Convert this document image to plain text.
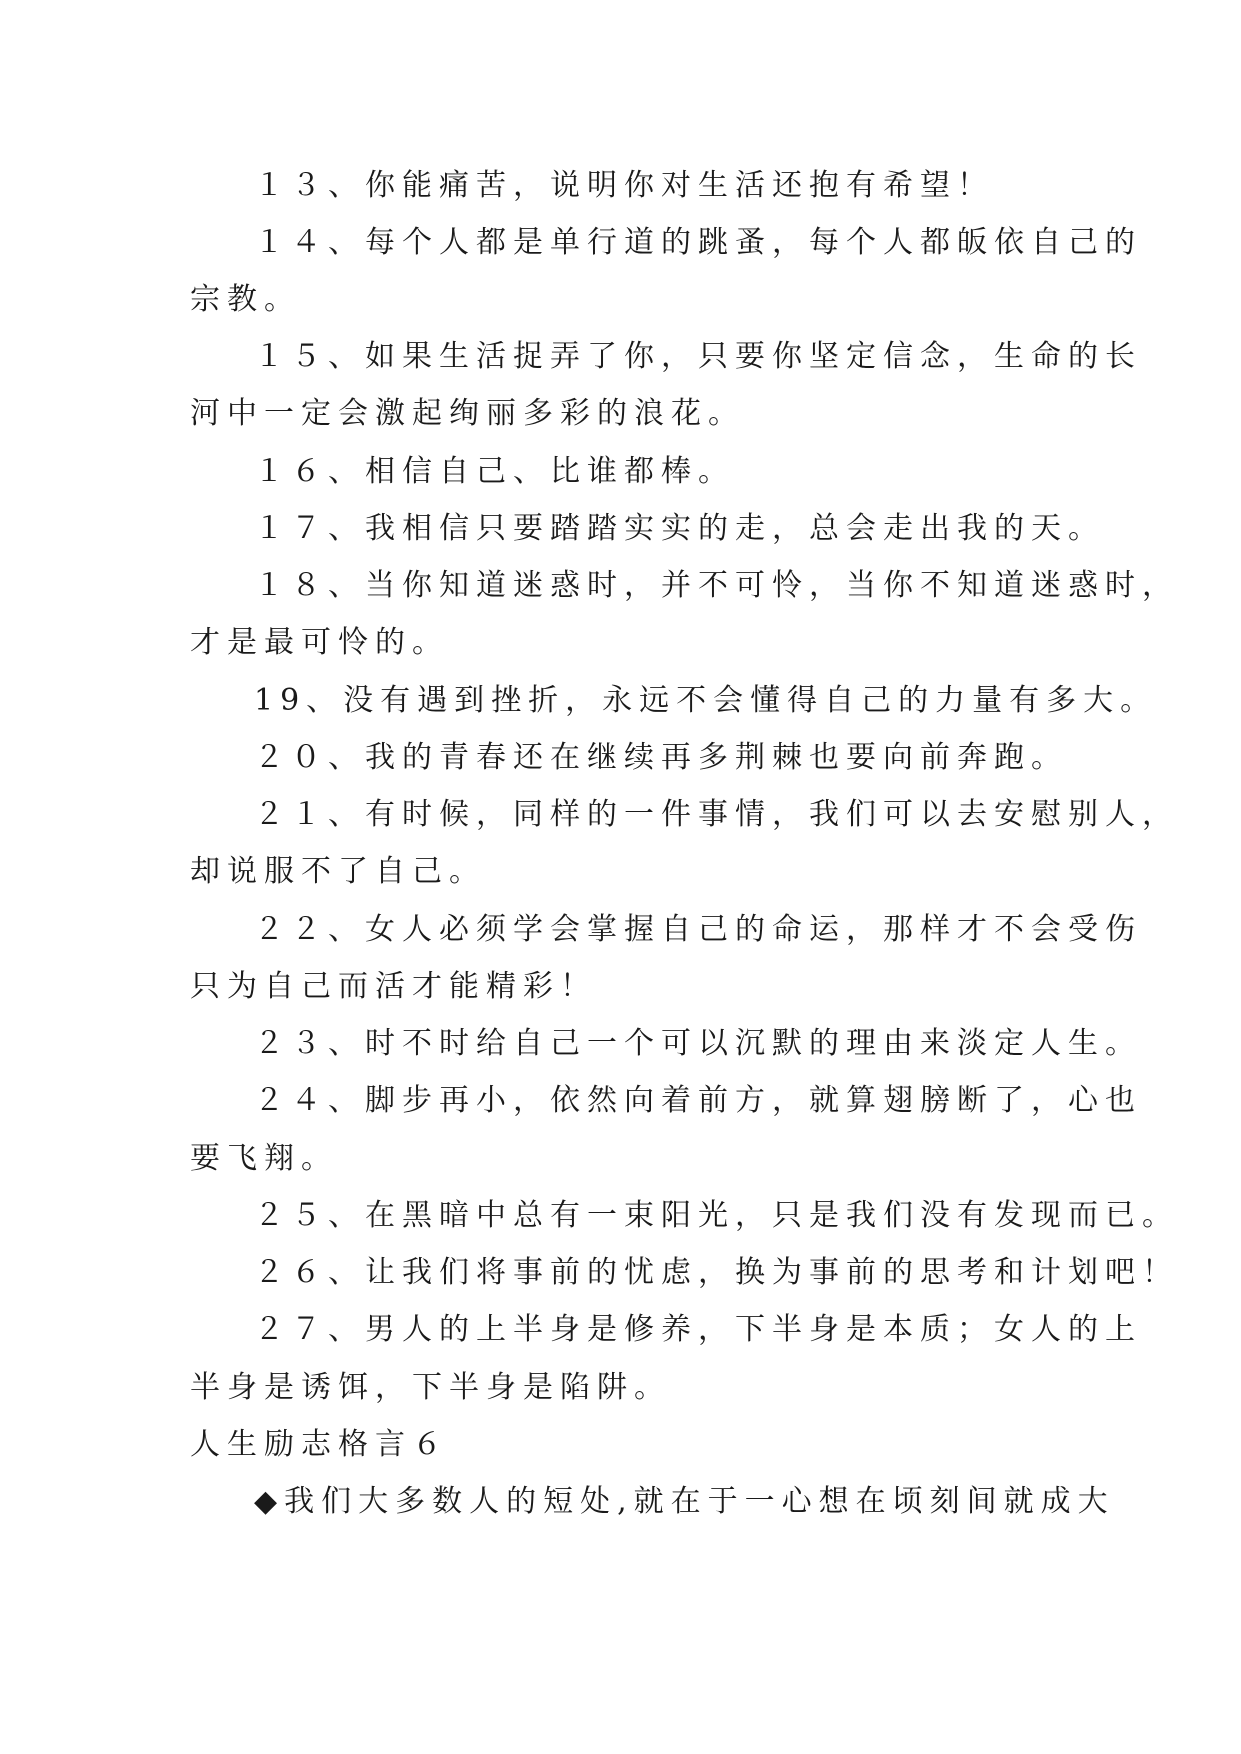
１３、你能痛苦，说明你对生活还抱有希望！

１４、每个人都是单行道的跳蚤，每个人都皈依自己的

宗教。

１５、如果生活捉弄了你，只要你坚定信念，生命的长

河中一定会激起绚丽多彩的浪花。

１６、相信自己、比谁都棒。

１７、我相信只要踏踏实实的走，总会走出我的天。

１８、当你知道迷惑时，并不可怜，当你不知道迷惑时，

才是最可怜的。

19、没有遇到挫折，永远不会懂得自己的力量有多大。

２０、我的青春还在继续再多荆棘也要向前奔跑。

２１、有时候，同样的一件事情，我们可以去安慰别人，

却说服不了自己。

２２、女人必须学会掌握自己的命运，那样才不会受伤

只为自己而活才能精彩！

２３、时不时给自己一个可以沉默的理由来淡定人生。

２４、脚步再小，依然向着前方，就算翅膀断了，心也

要飞翔。

２５、在黑暗中总有一束阳光，只是我们没有发现而已。

２６、让我们将事前的忧虑，换为事前的思考和计划吧！

２７、男人的上半身是修养，下半身是本质；女人的上

半身是诱饵，下半身是陷阱。

人生励志格言６

◆我们大多数人的短处,就在于一心想在顷刻间就成大
